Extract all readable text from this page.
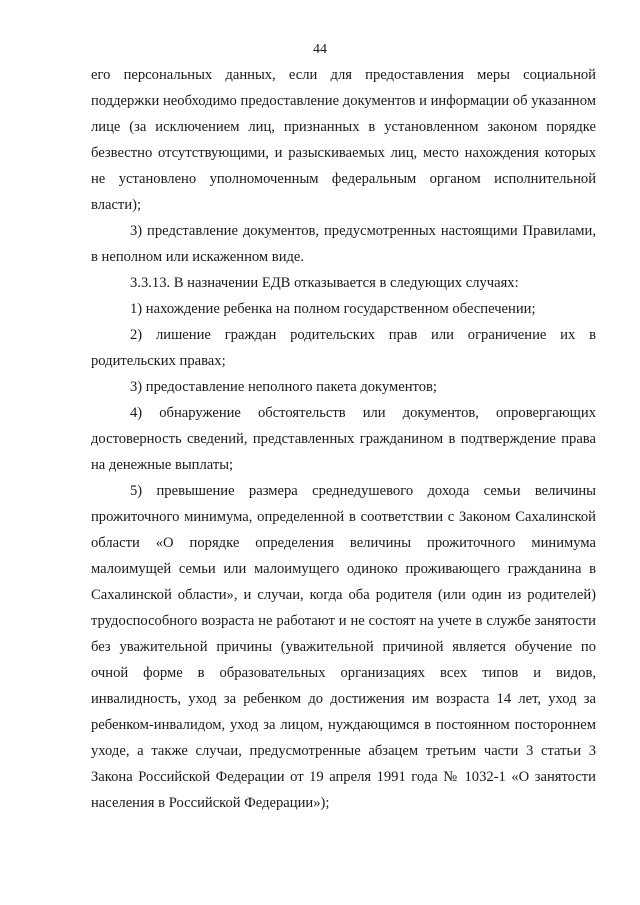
44

его персональных данных, если для предоставления меры социальной поддержки необходимо предоставление документов и информации об указанном лице (за исключением лиц, признанных в установленном законом порядке безвестно отсутствующими, и разыскиваемых лиц, место нахождения которых не установлено уполномоченным федеральным органом исполнительной власти);

3) представление документов, предусмотренных настоящими Правилами, в неполном или искаженном виде.

3.3.13. В назначении ЕДВ отказывается в следующих случаях:

1) нахождение ребенка на полном государственном обеспечении;

2) лишение граждан родительских прав или ограничение их в родительских правах;

3) предоставление неполного пакета документов;

4) обнаружение обстоятельств или документов, опровергающих достоверность сведений, представленных гражданином в подтверждение права на денежные выплаты;

5) превышение размера среднедушевого дохода семьи величины прожиточного минимума, определенной в соответствии с Законом Сахалинской области «О порядке определения величины прожиточного минимума малоимущей семьи или малоимущего одиноко проживающего гражданина в Сахалинской области», и случаи, когда оба родителя (или один из родителей) трудоспособного возраста не работают и не состоят на учете в службе занятости без уважительной причины (уважительной причиной является обучение по очной форме в образовательных организациях всех типов и видов, инвалидность, уход за ребенком до достижения им возраста 14 лет, уход за ребенком-инвалидом, уход за лицом, нуждающимся в постоянном постороннем уходе, а также случаи, предусмотренные абзацем третьим части 3 статьи 3 Закона Российской Федерации от 19 апреля 1991 года № 1032-1 «О занятости населения в Российской Федерации»);
